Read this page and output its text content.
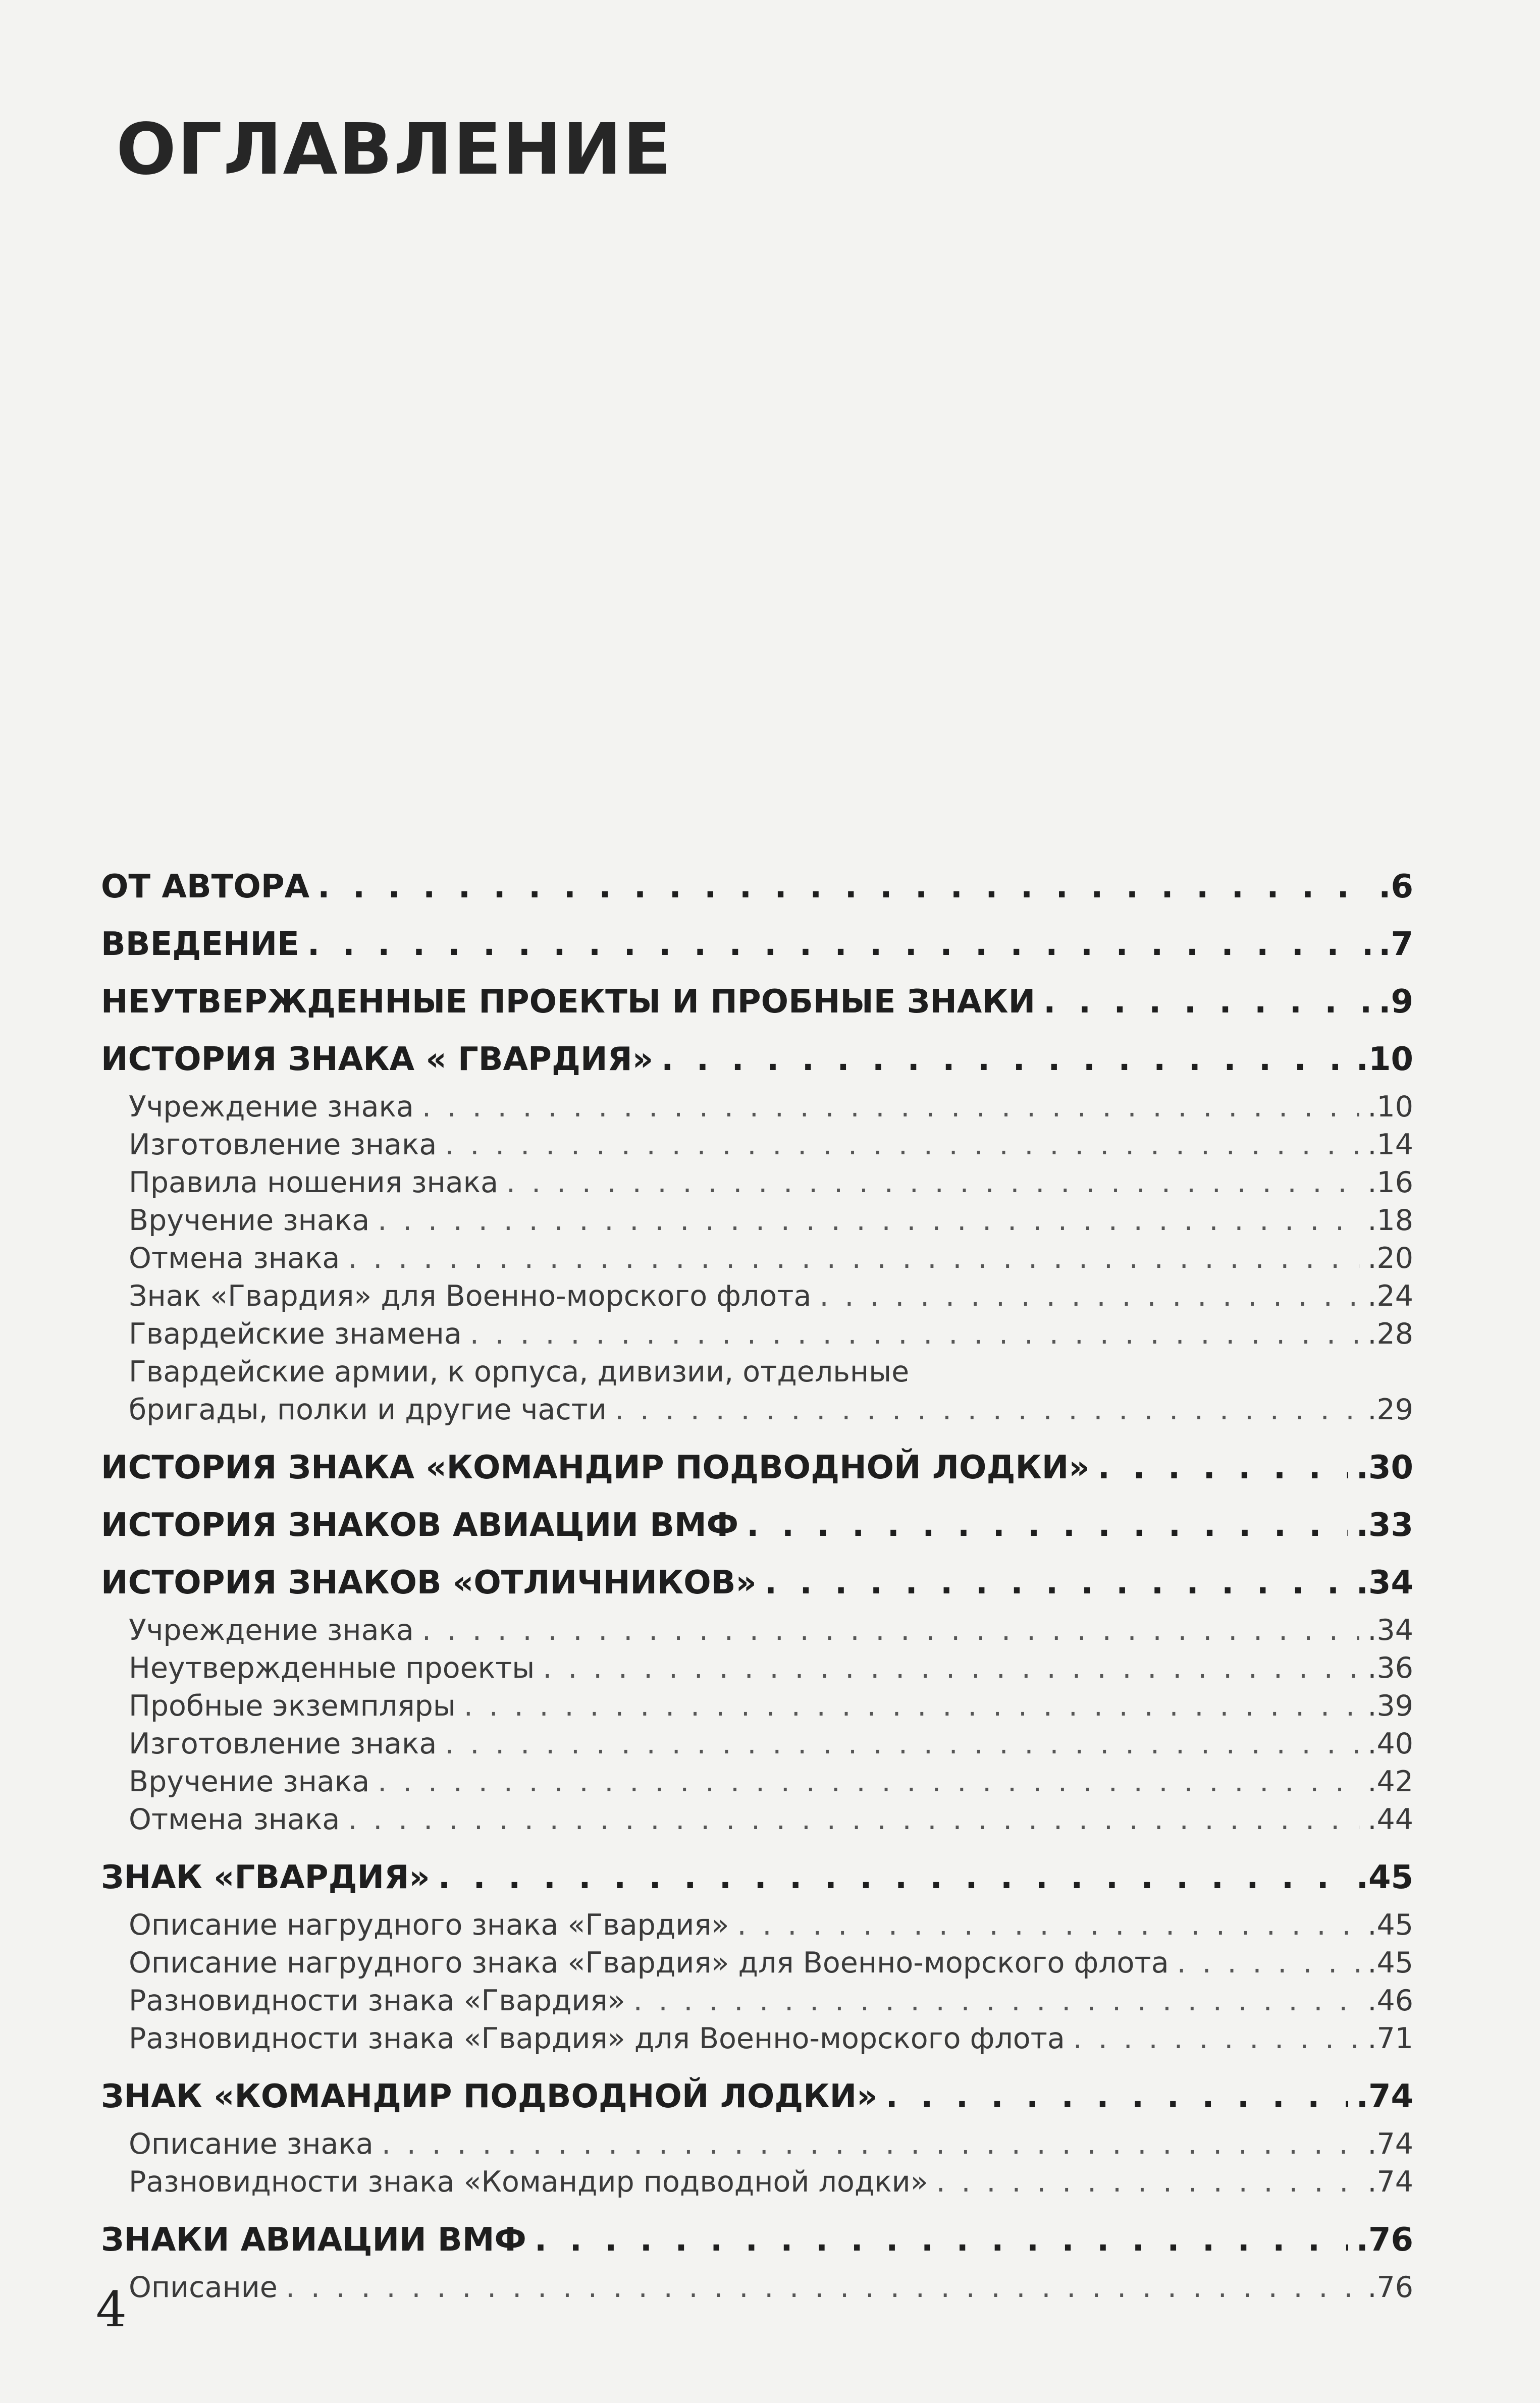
ОГЛАВЛЕНИЕ
ОТ АВТОРА . . .	.6
ВВЕДЕНИЕ . . .	.7
НЕУТВЕРЖДЕННЫЕ ПРОЕКТЫ И ПРОБНЫЕ ЗНАКИ . . .	.9
ИСТОРИЯ ЗНАКА « ГВАРДИЯ» . . .	.10
Учреждение знака . . .	.10
Изготовление знака . . .	.14
Правила ношения знака . . .	.16
Вручение знака . . .	.18
Отмена знака . . .	.20
Знак «Гвардия» для Военно-морского флота . . .	.24
Гвардейские знамена . . .	.28
Гвардейские армии, к орпуса, дивизии, отдельные
бригады, полки и другие части . . .	.29
ИСТОРИЯ ЗНАКА «КОМАНДИР ПОДВОДНОЙ ЛОДКИ» . . .	.30
ИСТОРИЯ ЗНАКОВ АВИАЦИИ ВМФ . . .	.33
ИСТОРИЯ ЗНАКОВ «ОТЛИЧНИКОВ» . . .	.34
Учреждение знака . . .	.34
Неутвержденные проекты . . .	.36
Пробные экземпляры . . .	.39
Изготовление знака . . .	.40
Вручение знака . . .	.42
Отмена знака . . .	.44
ЗНАК «ГВАРДИЯ» . . .	.45
Описание нагрудного знака «Гвардия» . . .	.45
Описание нагрудного знака «Гвардия» для Военно-морского флота . . .	.45
Разновидности знака «Гвардия» . . .	.46
Разновидности знака «Гвардия» для Военно-морского флота . . .	.71
ЗНАК «КОМАНДИР ПОДВОДНОЙ ЛОДКИ» . . .	.74
Описание знака . . .	.74
Разновидности знака «Командир подводной лодки» . . .	.74
ЗНАКИ АВИАЦИИ ВМФ . . .	.76
Описание . . .	.76
4
